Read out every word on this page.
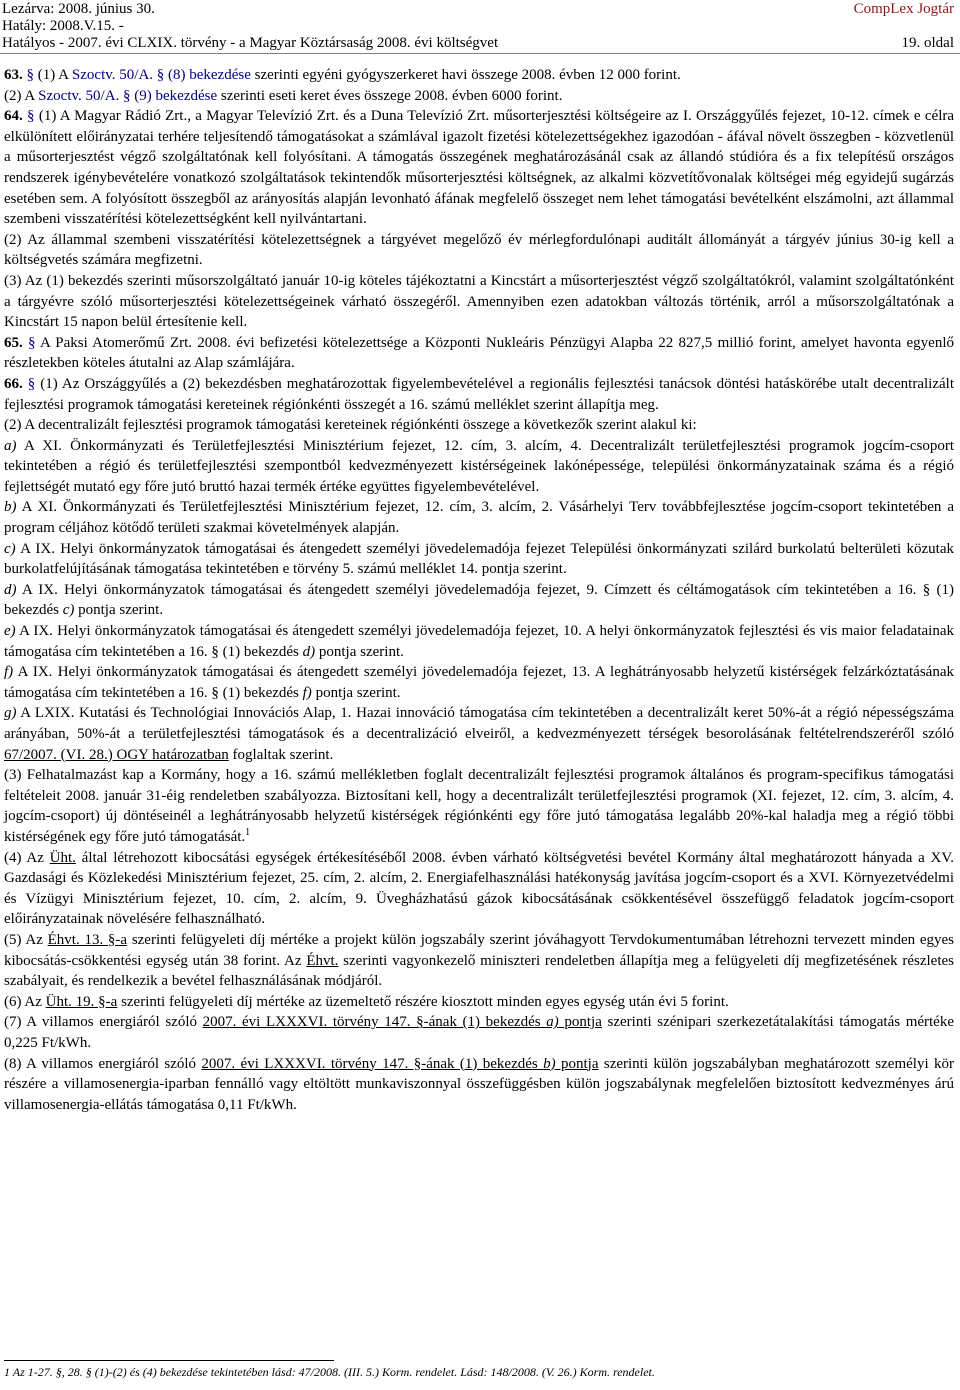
Lezárva: 2008. június 30.
Hatály: 2008.V.15. -
Hatályos - 2007. évi CLXIX. törvény - a Magyar Köztársaság 2008. évi költségvet
CompLex Jogtár
19. oldal

63. § (1) A Szoctv. 50/A. § (8) bekezdése szerinti egyéni gyógyszerkeret havi összege 2008. évben 12 000 forint.

(2) A Szoctv. 50/A. § (9) bekezdése szerinti eseti keret éves összege 2008. évben 6000 forint.

64. § (1) A Magyar Rádió Zrt., a Magyar Televízió Zrt. és a Duna Televízió Zrt. műsorterjesztési költségeire az I. Országgyűlés fejezet, 10-12. címek e célra elkülönített előirányzatai terhére teljesítendő támogatásokat a számlával igazolt fizetési kötelezettségekhez igazodóan - áfával növelt összegben - közvetlenül a műsorterjesztést végző szolgáltatónak kell folyósítani. A támogatás összegének meghatározásánál csak az állandó stúdióra és a fix telepítésű országos rendszerek igénybevételére vonatkozó szolgáltatások tekintendők műsorterjesztési költségnek, az alkalmi közvetítővonalak költségei még egyidejű sugárzás esetében sem. A folyósított összegből az arányosítás alapján levonható áfának megfelelő összeget nem lehet támogatási bevételként elszámolni, azt állammal szembeni visszatérítési kötelezettségként kell nyilvántartani.

(2) Az állammal szembeni visszatérítési kötelezettségnek a tárgyévet megelőző év mérlegfordulónapi auditált állományát a tárgyév június 30-ig kell a költségvetés számára megfizetni.

(3) Az (1) bekezdés szerinti műsorszolgáltató január 10-ig köteles tájékoztatni a Kincstárt a műsorterjesztést végző szolgáltatókról, valamint szolgáltatónként a tárgyévre szóló műsorterjesztési kötelezettségeinek várható összegéről. Amennyiben ezen adatokban változás történik, arról a műsorszolgáltatónak a Kincstárt 15 napon belül értesítenie kell.

65. § A Paksi Atomerőmű Zrt. 2008. évi befizetési kötelezettsége a Központi Nukleáris Pénzügyi Alapba 22 827,5 millió forint, amelyet havonta egyenlő részletekben köteles átutalni az Alap számlájára.

66. § (1) Az Országgyűlés a (2) bekezdésben meghatározottak figyelembevételével a regionális fejlesztési tanácsok döntési hatáskörébe utalt decentralizált fejlesztési programok támogatási kereteinek régiónkénti összegét a 16. számú melléklet szerint állapítja meg.

(2) A decentralizált fejlesztési programok támogatási kereteinek régiónkénti összege a következők szerint alakul ki:

a) A XI. Önkormányzati és Területfejlesztési Minisztérium fejezet, 12. cím, 3. alcím, 4. Decentralizált területfejlesztési programok jogcím-csoport tekintetében a régió és területfejlesztési szempontból kedvezményezett kistérségeinek lakónépessége, települési önkormányzatainak száma és a régió fejlettségét mutató egy főre jutó bruttó hazai termék értéke együttes figyelembevételével.

b) A XI. Önkormányzati és Területfejlesztési Minisztérium fejezet, 12. cím, 3. alcím, 2. Vásárhelyi Terv továbbfejlesztése jogcím-csoport tekintetében a program céljához kötődő területi szakmai követelmények alapján.

c) A IX. Helyi önkormányzatok támogatásai és átengedett személyi jövedelemadója fejezet Települési önkormányzati szilárd burkolatú belterületi közutak burkolatfelújításának támogatása tekintetében e törvény 5. számú melléklet 14. pontja szerint.

d) A IX. Helyi önkormányzatok támogatásai és átengedett személyi jövedelemadója fejezet, 9. Címzett és céltámogatások cím tekintetében a 16. § (1) bekezdés c) pontja szerint.

e) A IX. Helyi önkormányzatok támogatásai és átengedett személyi jövedelemadója fejezet, 10. A helyi önkormányzatok fejlesztési és vis maior feladatainak támogatása cím tekintetében a 16. § (1) bekezdés d) pontja szerint.

f) A IX. Helyi önkormányzatok támogatásai és átengedett személyi jövedelemadója fejezet, 13. A leghátrányosabb helyzetű kistérségek felzárkóztatásának támogatása cím tekintetében a 16. § (1) bekezdés f) pontja szerint.

g) A LXIX. Kutatási és Technológiai Innovációs Alap, 1. Hazai innováció támogatása cím tekintetében a decentralizált keret 50%-át a régió népességszáma arányában, 50%-át a területfejlesztési támogatások és a decentralizáció elveiről, a kedvezményezett térségek besorolásának feltételrendszeréről szóló 67/2007. (VI. 28.) OGY határozatban foglaltak szerint.

(3) Felhatalmazást kap a Kormány, hogy a 16. számú mellékletben foglalt decentralizált fejlesztési programok általános és program-specifikus támogatási feltételeit 2008. január 31-éig rendeletben szabályozza. Biztosítani kell, hogy a decentralizált területfejlesztési programok (XI. fejezet, 12. cím, 3. alcím, 4. jogcím-csoport) új döntéseinél a leghátrányosabb helyzetű kistérségek régiónkénti egy főre jutó támogatása legalább 20%-kal haladja meg a régió többi kistérségének egy főre jutó támogatását.$^1$

(4) Az Üht. által létrehozott kibocsátási egységek értékesítéséből 2008. évben várható költségvetési bevétel Kormány által meghatározott hányada a XV. Gazdasági és Közlekedési Minisztérium fejezet, 25. cím, 2. alcím, 2. Energiafelhasználási hatékonyság javítása jogcím-csoport és a XVI. Környezetvédelmi és Vízügyi Minisztérium fejezet, 10. cím, 2. alcím, 9. Üvegházhatású gázok kibocsátásának csökkentésével összefüggő feladatok jogcím-csoport előirányzatainak növelésére felhasználható.

(5) Az Éhvt. 13. §-a szerinti felügyeleti díj mértéke a projekt külön jogszabály szerint jóváhagyott Tervdokumentumában létrehozni tervezett minden egyes kibocsátás-csökkentési egység után 38 forint. Az Éhvt. szerinti vagyonkezelő miniszteri rendeletben állapítja meg a felügyeleti díj megfizetésének részletes szabályait, és rendelkezik a bevétel felhasználásának módjáról.

(6) Az Üht. 19. §-a szerinti felügyeleti díj mértéke az üzemeltető részére kiosztott minden egyes egység után évi 5 forint.

(7) A villamos energiáról szóló 2007. évi LXXXVI. törvény 147. §-ának (1) bekezdés a) pontja szerinti szénipari szerkezetátalakítási támogatás mértéke 0,225 Ft/kWh.

(8) A villamos energiáról szóló 2007. évi LXXXVI. törvény 147. §-ának (1) bekezdés b) pontja szerinti külön jogszabályban meghatározott személyi kör részére a villamosenergia-iparban fennálló vagy eltöltött munkaviszonnyal összefüggésben külön jogszabálynak megfelelően biztosított kedvezményes árú villamosenergia-ellátás támogatása 0,11 Ft/kWh.

1 Az 1-27. §, 28. § (1)-(2) és (4) bekezdése tekintetében lásd: 47/2008. (III. 5.) Korm. rendelet. Lásd: 148/2008. (V. 26.) Korm. rendelet.
